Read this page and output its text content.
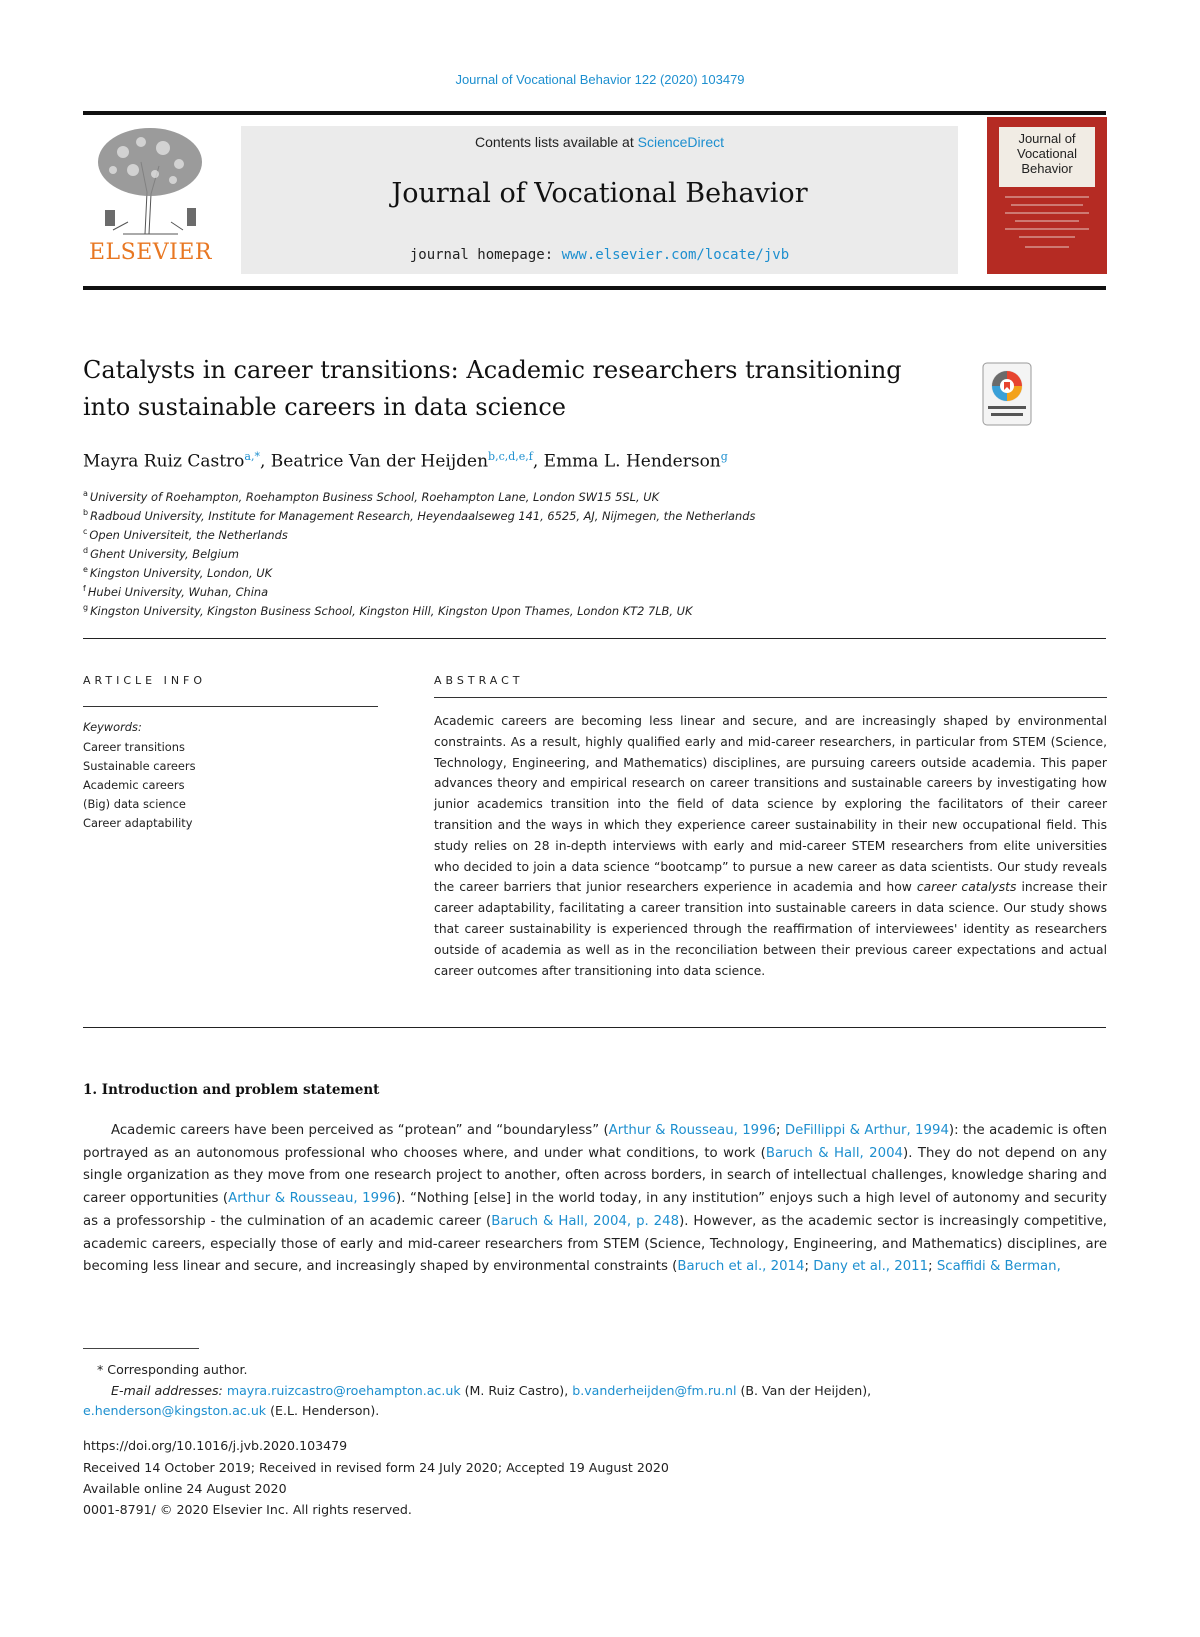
Journal of Vocational Behavior 122 (2020) 103479
ELSEVIER
Contents lists available at ScienceDirect
Journal of Vocational Behavior
journal homepage: www.elsevier.com/locate/jvb
Journal of
Vocational
Behavior
Catalysts in career transitions: Academic researchers transitioning
into sustainable careers in data science
Mayra Ruiz Castro$^{a,*}$, Beatrice Van der Heijden$^{b,c,d,e,f}$, Emma L. Henderson$^g$
$^a$ University of Roehampton, Roehampton Business School, Roehampton Lane, London SW15 5SL, UK
$^b$ Radboud University, Institute for Management Research, Heyendaalseweg 141, 6525, AJ, Nijmegen, the Netherlands
$^c$ Open Universiteit, the Netherlands
$^d$ Ghent University, Belgium
$^e$ Kingston University, London, UK
$^f$ Hubei University, Wuhan, China
$^g$ Kingston University, Kingston Business School, Kingston Hill, Kingston Upon Thames, London KT2 7LB, UK
ARTICLE INFO
Keywords:
Career transitions
Sustainable careers
Academic careers
(Big) data science
Career adaptability
ABSTRACT

Academic careers are becoming less linear and secure, and are increasingly shaped by environmental constraints. As a result, highly qualified early and mid-career researchers, in particular from STEM (Science, Technology, Engineering, and Mathematics) disciplines, are pursuing careers outside academia. This paper advances theory and empirical research on career transitions and sustainable careers by investigating how junior academics transition into the field of data science by exploring the facilitators of their career transition and the ways in which they experience career sustainability in their new occupational field. This study relies on 28 in-depth interviews with early and mid-career STEM researchers from elite universities who decided to join a data science “bootcamp” to pursue a new career as data scientists. Our study reveals the career barriers that junior researchers experience in academia and how career catalysts increase their career adaptability, facilitating a career transition into sustainable careers in data science. Our study shows that career sustainability is experienced through the reaffirmation of interviewees' identity as researchers outside of academia as well as in the reconciliation between their previous career expectations and actual career outcomes after transitioning into data science.

1. Introduction and problem statement

Academic careers have been perceived as “protean” and “boundaryless” (Arthur & Rousseau, 1996; DeFillippi & Arthur, 1994): the academic is often portrayed as an autonomous professional who chooses where, and under what conditions, to work (Baruch & Hall, 2004). They do not depend on any single organization as they move from one research project to another, often across borders, in search of intellectual challenges, knowledge sharing and career opportunities (Arthur & Rousseau, 1996). “Nothing [else] in the world today, in any institution” enjoys such a high level of autonomy and security as a professorship - the culmination of an academic career (Baruch & Hall, 2004, p. 248). However, as the academic sector is increasingly competitive, academic careers, especially those of early and mid-career researchers from STEM (Science, Technology, Engineering, and Mathematics) disciplines, are becoming less linear and secure, and increasingly shaped by environmental constraints (Baruch et al., 2014; Dany et al., 2011; Scaffidi & Berman,

* Corresponding author.
E-mail addresses: mayra.ruizcastro@roehampton.ac.uk (M. Ruiz Castro), b.vanderheijden@fm.ru.nl (B. Van der Heijden),
e.henderson@kingston.ac.uk (E.L. Henderson).
https://doi.org/10.1016/j.jvb.2020.103479
Received 14 October 2019; Received in revised form 24 July 2020; Accepted 19 August 2020
Available online 24 August 2020
0001-8791/ © 2020 Elsevier Inc. All rights reserved.
